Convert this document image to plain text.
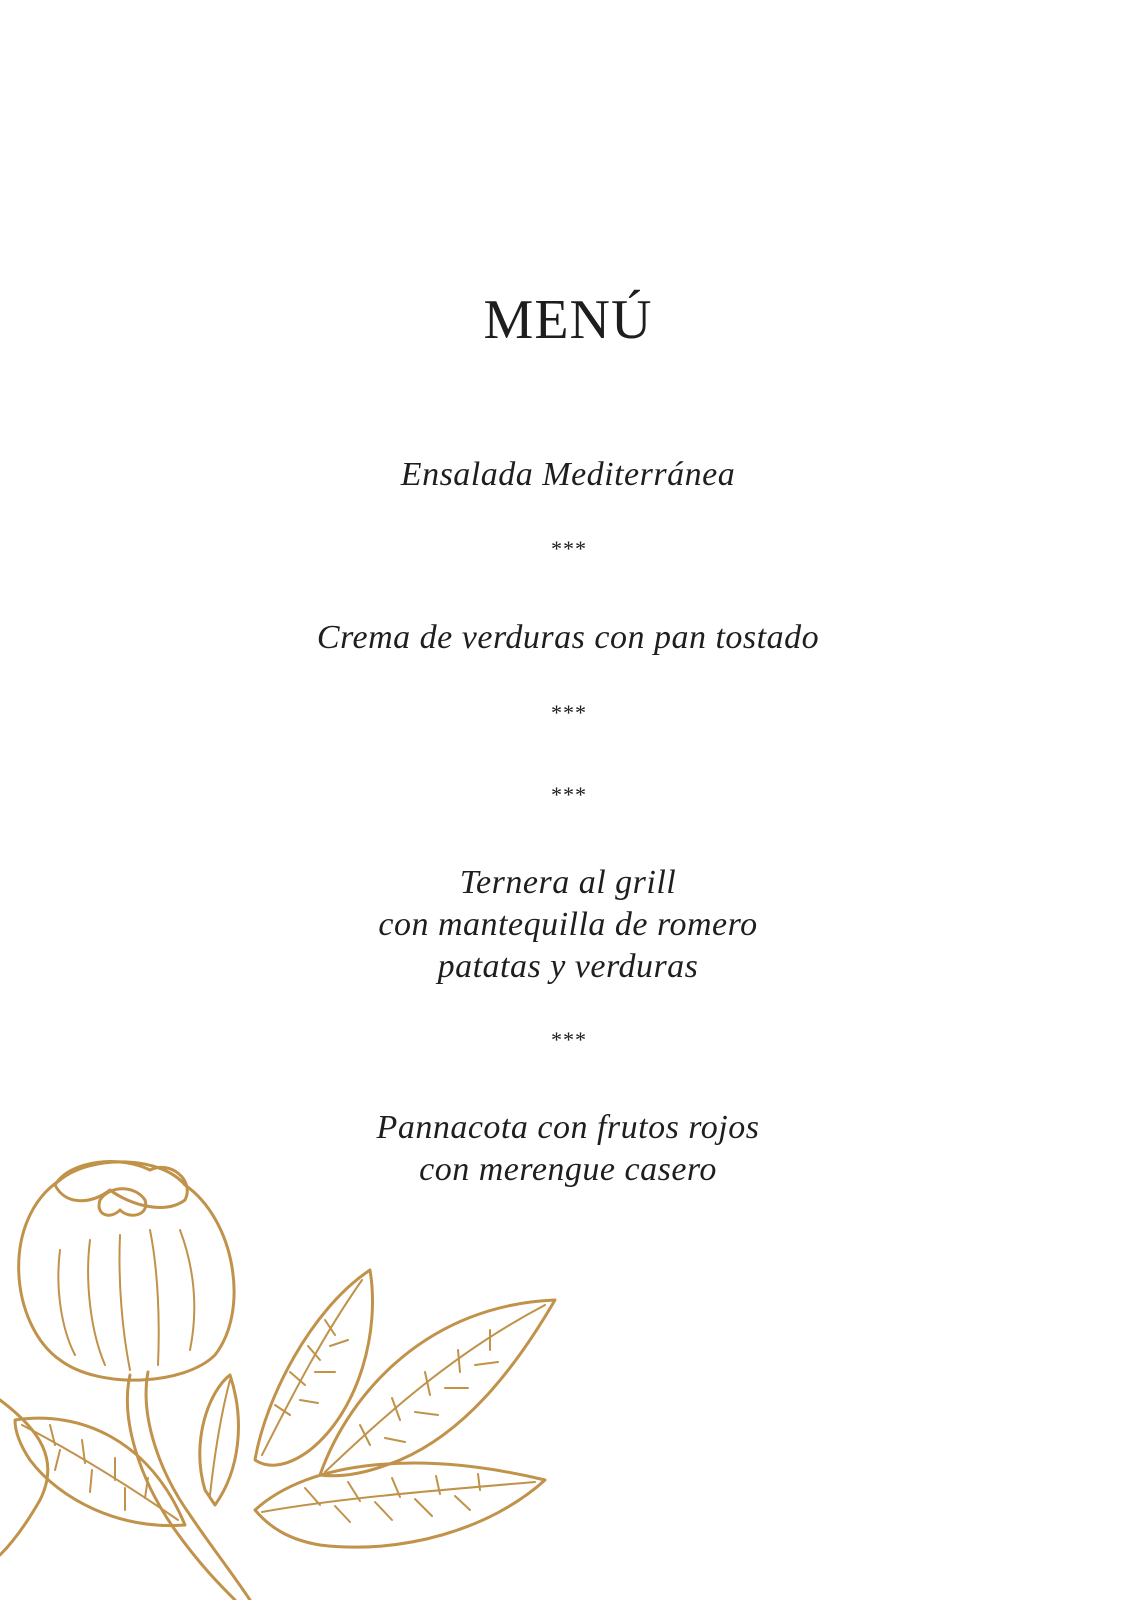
MENÚ
Ensalada Mediterránea
***
Crema de verduras con pan tostado
***
***
Ternera al grill
con mantequilla de romero
patatas y verduras
***
Pannacota con frutos rojos
con merengue casero
